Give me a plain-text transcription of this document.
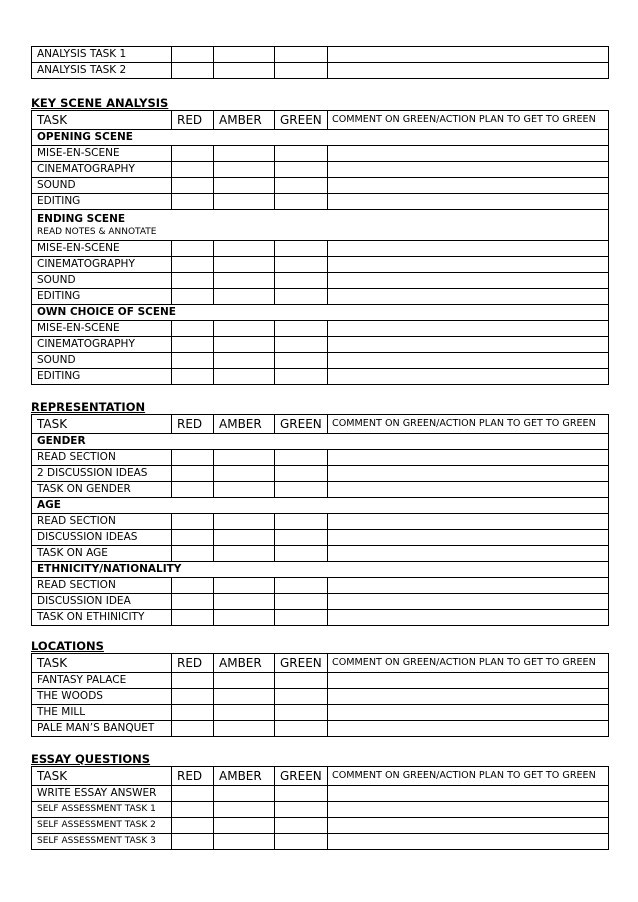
ANALYSIS TASK 1				
ANALYSIS TASK 2				
KEY SCENE ANALYSIS
TASK	RED	AMBER	GREEN	COMMENT ON GREEN/ACTION PLAN TO GET TO GREEN
OPENING SCENE				
MISE-EN-SCENE				
CINEMATOGRAPHY				
SOUND				
EDITING				
ENDING SCENE
READ NOTES & ANNOTATE				

MISE-EN-SCENE				
CINEMATOGRAPHY				
SOUND				
EDITING				
OWN CHOICE OF SCENE				
MISE-EN-SCENE				
CINEMATOGRAPHY				
SOUND				
EDITING				
REPRESENTATION
TASK	RED	AMBER	GREEN	COMMENT ON GREEN/ACTION PLAN TO GET TO GREEN
GENDER				
READ SECTION				
2 DISCUSSION IDEAS				
TASK ON GENDER				
AGE				
READ SECTION				
DISCUSSION IDEAS				
TASK ON AGE				
ETHNICITY/NATIONALITY				
READ SECTION				
DISCUSSION IDEA				
TASK ON ETHINICITY				
LOCATIONS
TASK	RED	AMBER	GREEN	COMMENT ON GREEN/ACTION PLAN TO GET TO GREEN
FANTASY PALACE				
THE WOODS				
THE MILL				
PALE MAN’S BANQUET				
ESSAY QUESTIONS
TASK	RED	AMBER	GREEN	COMMENT ON GREEN/ACTION PLAN TO GET TO GREEN
WRITE ESSAY ANSWER				
SELF ASSESSMENT TASK 1				
SELF ASSESSMENT TASK 2				
SELF ASSESSMENT TASK 3				
